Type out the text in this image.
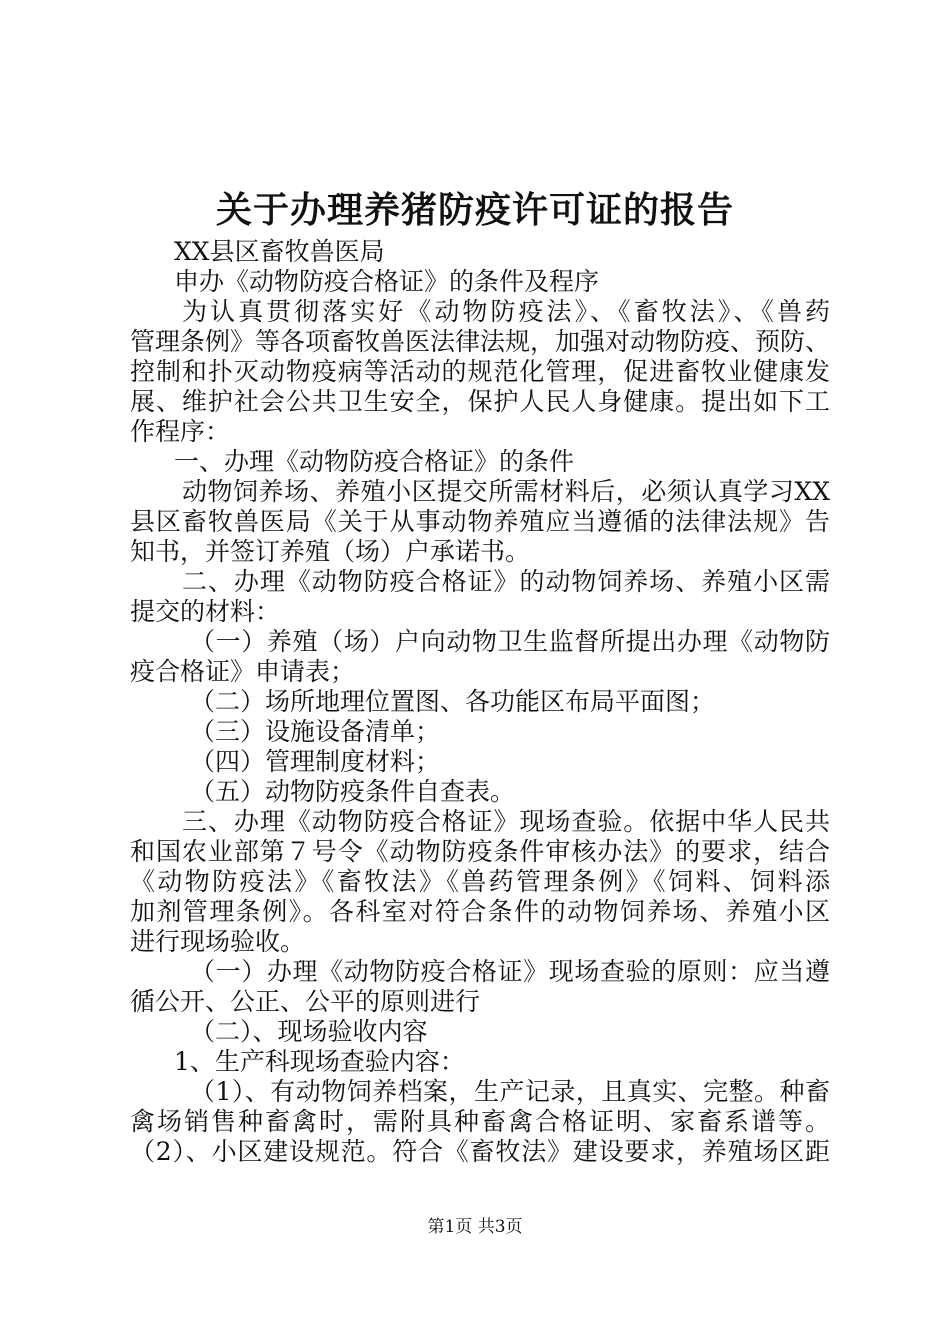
关于办理养猪防疫许可证的报告
XX县区畜牧兽医局
申办《动物防疫合格证》的条件及程序
为认真贯彻落实好《动物防疫法》、《畜牧法》、《兽药
管理条例》等各项畜牧兽医法律法规，加强对动物防疫、预防、
控制和扑灭动物疫病等活动的规范化管理，促进畜牧业健康发
展、维护社会公共卫生安全，保护人民人身健康。提出如下工
作程序：
一、办理《动物防疫合格证》的条件
动物饲养场、养殖小区提交所需材料后，必须认真学习XX
县区畜牧兽医局《关于从事动物养殖应当遵循的法律法规》告
知书，并签订养殖（场）户承诺书。
二、办理《动物防疫合格证》的动物饲养场、养殖小区需
提交的材料：
（一）养殖（场）户向动物卫生监督所提出办理《动物防
疫合格证》申请表；
（二）场所地理位置图、各功能区布局平面图；
（三）设施设备清单；
（四）管理制度材料；
（五）动物防疫条件自查表。
三、办理《动物防疫合格证》现场查验。依据中华人民共
和国农业部第７号令《动物防疫条件审核办法》的要求，结合
《动物防疫法》《畜牧法》《兽药管理条例》《饲料、饲料添
加剂管理条例》。各科室对符合条件的动物饲养场、养殖小区
进行现场验收。
（一）办理《动物防疫合格证》现场查验的原则：应当遵
循公开、公正、公平的原则进行
（二）、现场验收内容
1、生产科现场查验内容：
（1）、有动物饲养档案，生产记录，且真实、完整。种畜
禽场销售种畜禽时，需附具种畜禽合格证明、家畜系谱等。
（2）、小区建设规范。符合《畜牧法》建设要求，养殖场区距
第1页 共3页
